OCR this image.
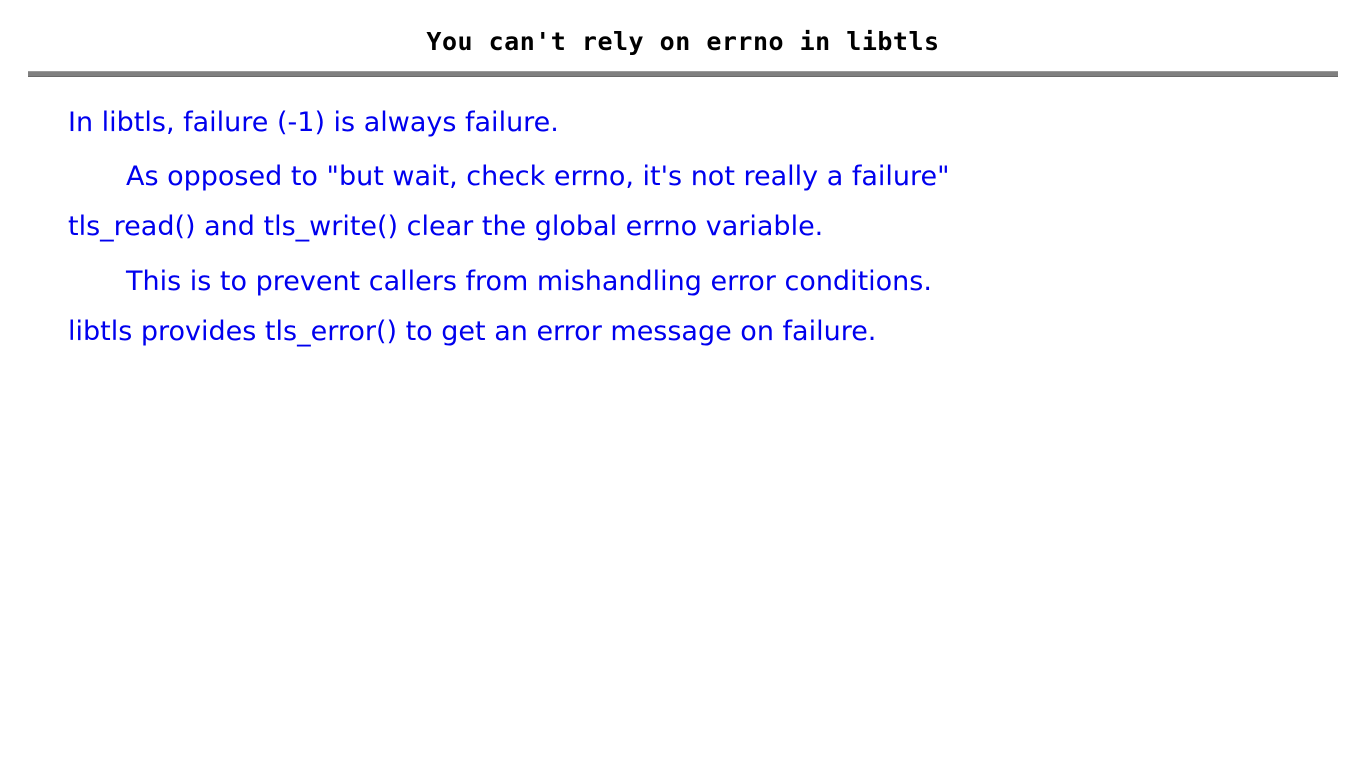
You can't rely on errno in libtls
In libtls, failure (-1) is always failure.
As opposed to "but wait, check errno, it's not really a failure"
tls_read() and tls_write() clear the global errno variable.
This is to prevent callers from mishandling error conditions.
libtls provides tls_error() to get an error message on failure.
